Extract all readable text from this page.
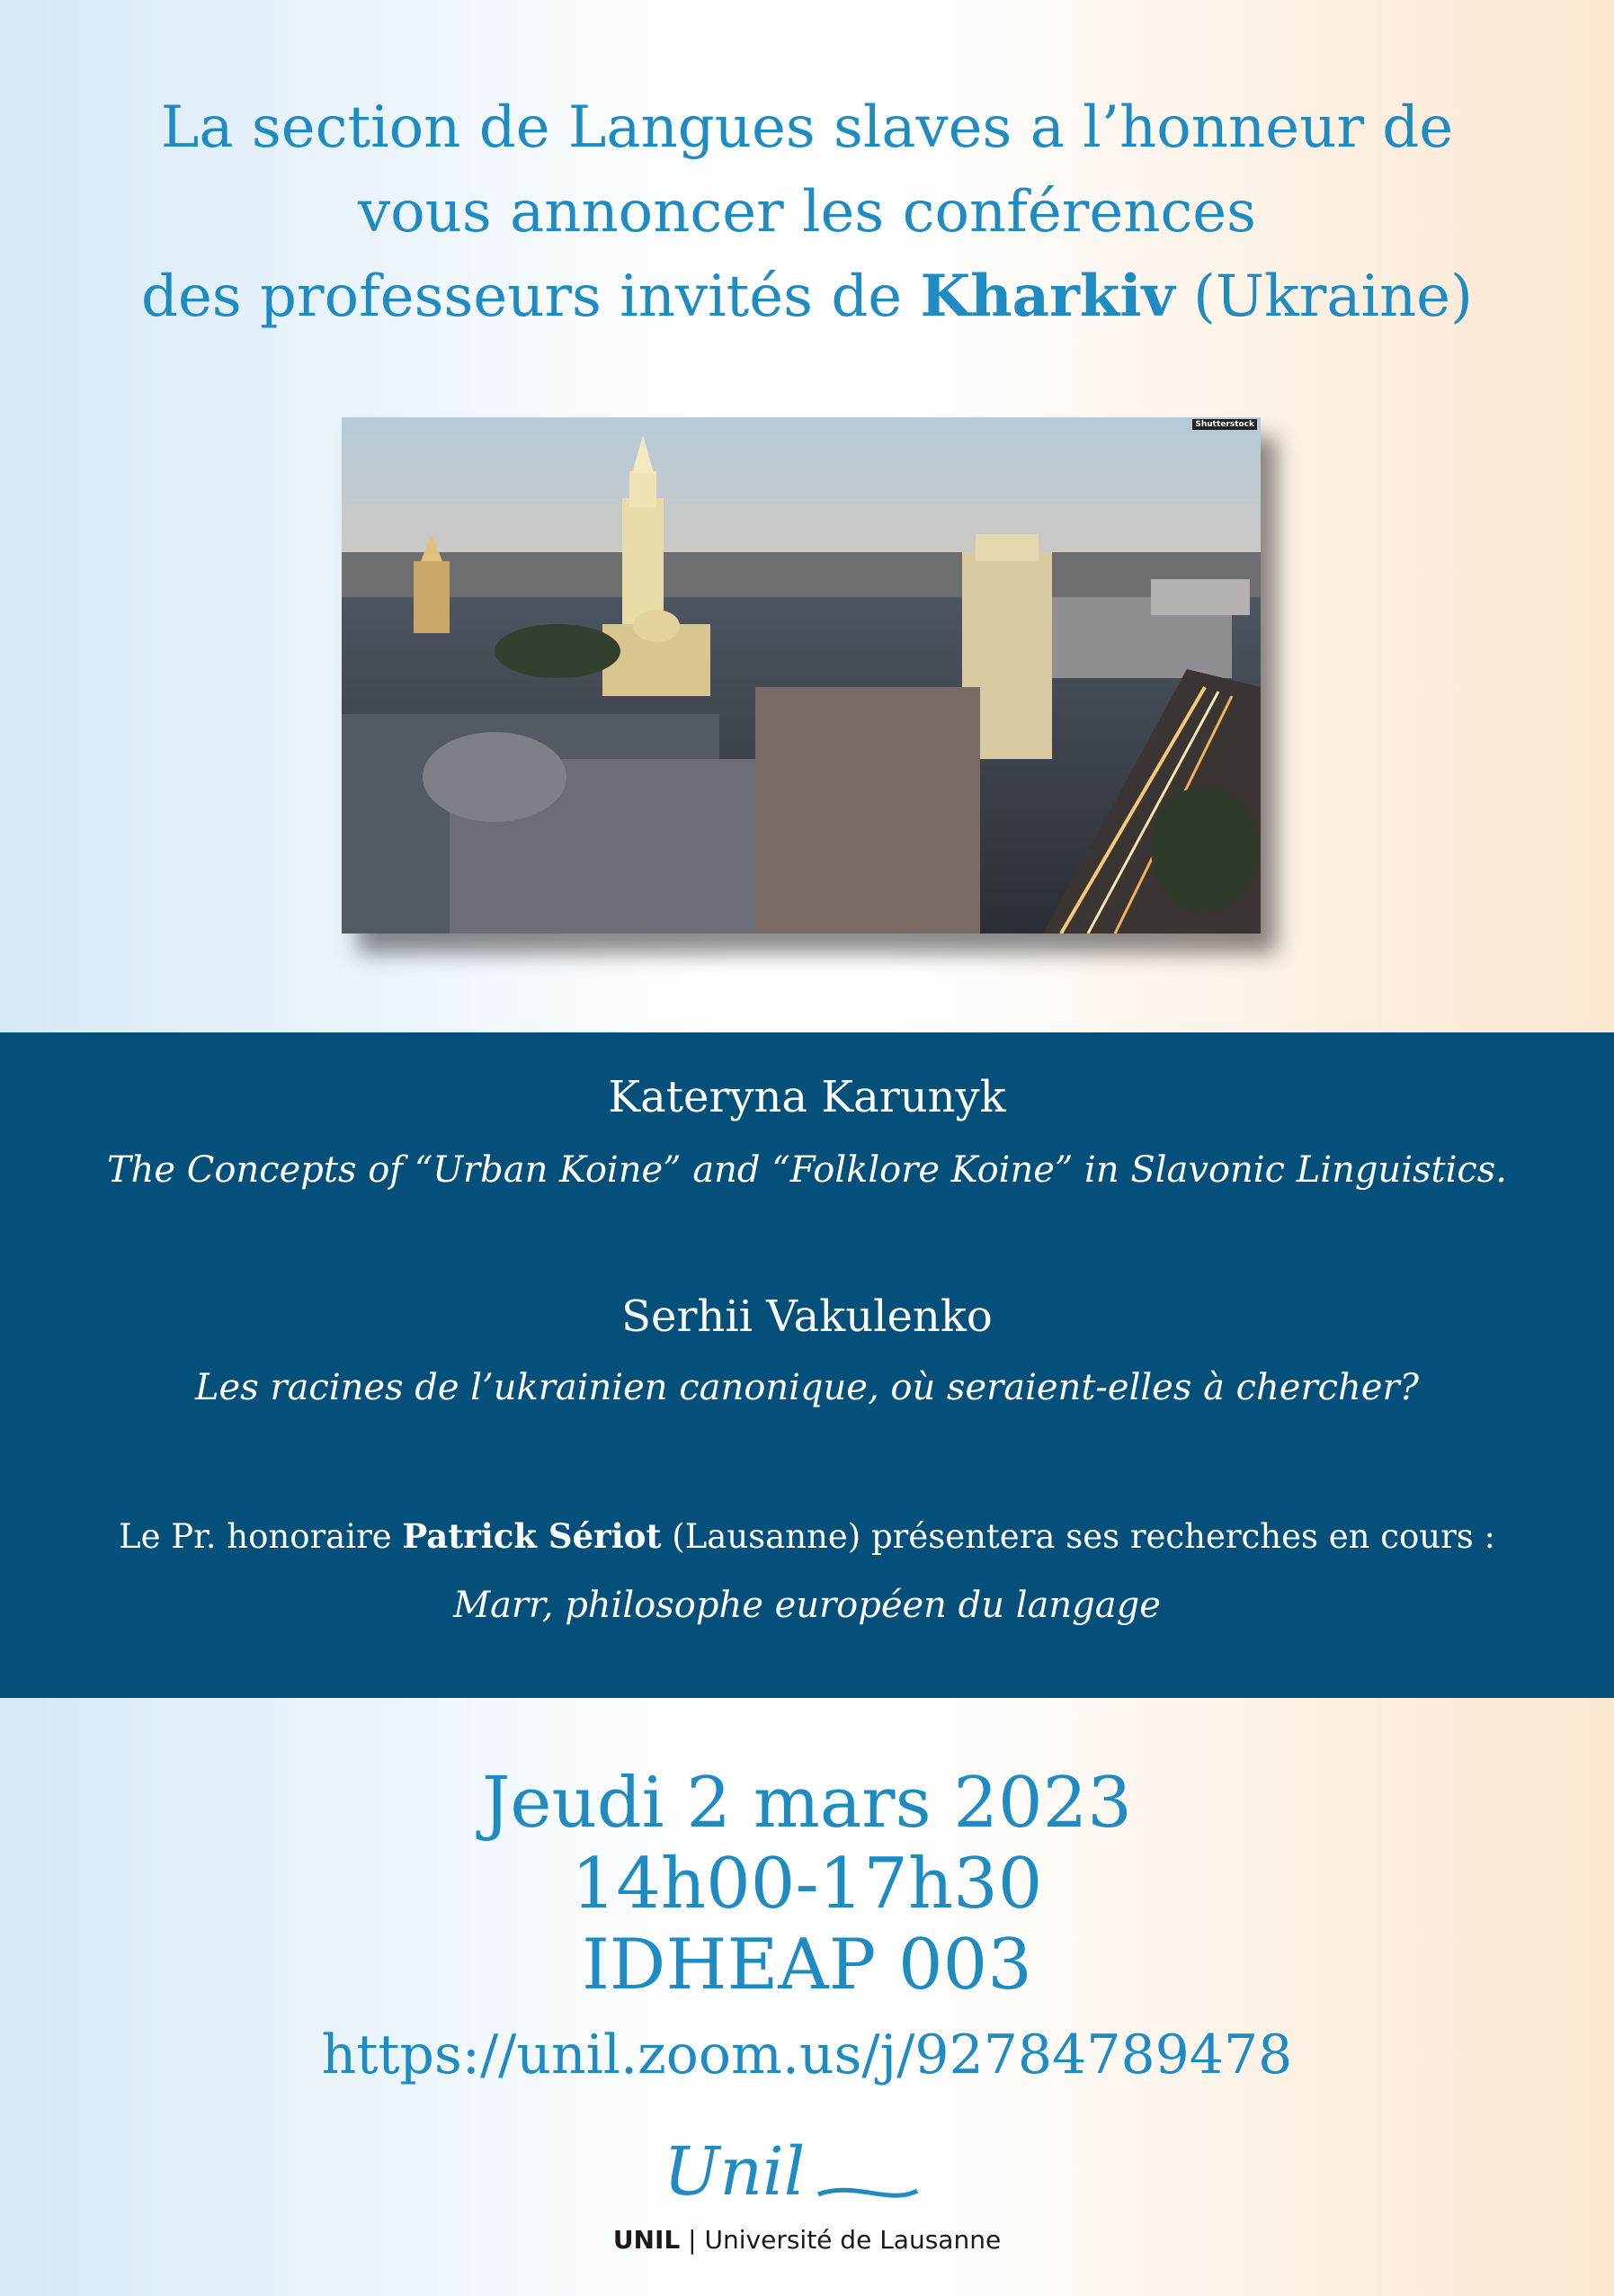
La section de Langues slaves a l’honneur de
vous annoncer les conférences
des professeurs invités de Kharkiv (Ukraine)
Shutterstock
Kateryna Karunyk
The Concepts of “Urban Koine” and “Folklore Koine” in Slavonic Linguistics.
Serhii Vakulenko
Les racines de l’ukrainien canonique, où seraient-elles à chercher?
Le Pr. honoraire Patrick Sériot (Lausanne) présentera ses recherches en cours :
Marr, philosophe européen du langage
Jeudi 2 mars 2023
14h00-17h30
IDHEAP 003
https://unil.zoom.us/j/92784789478
Unil
UNIL | Université de Lausanne
